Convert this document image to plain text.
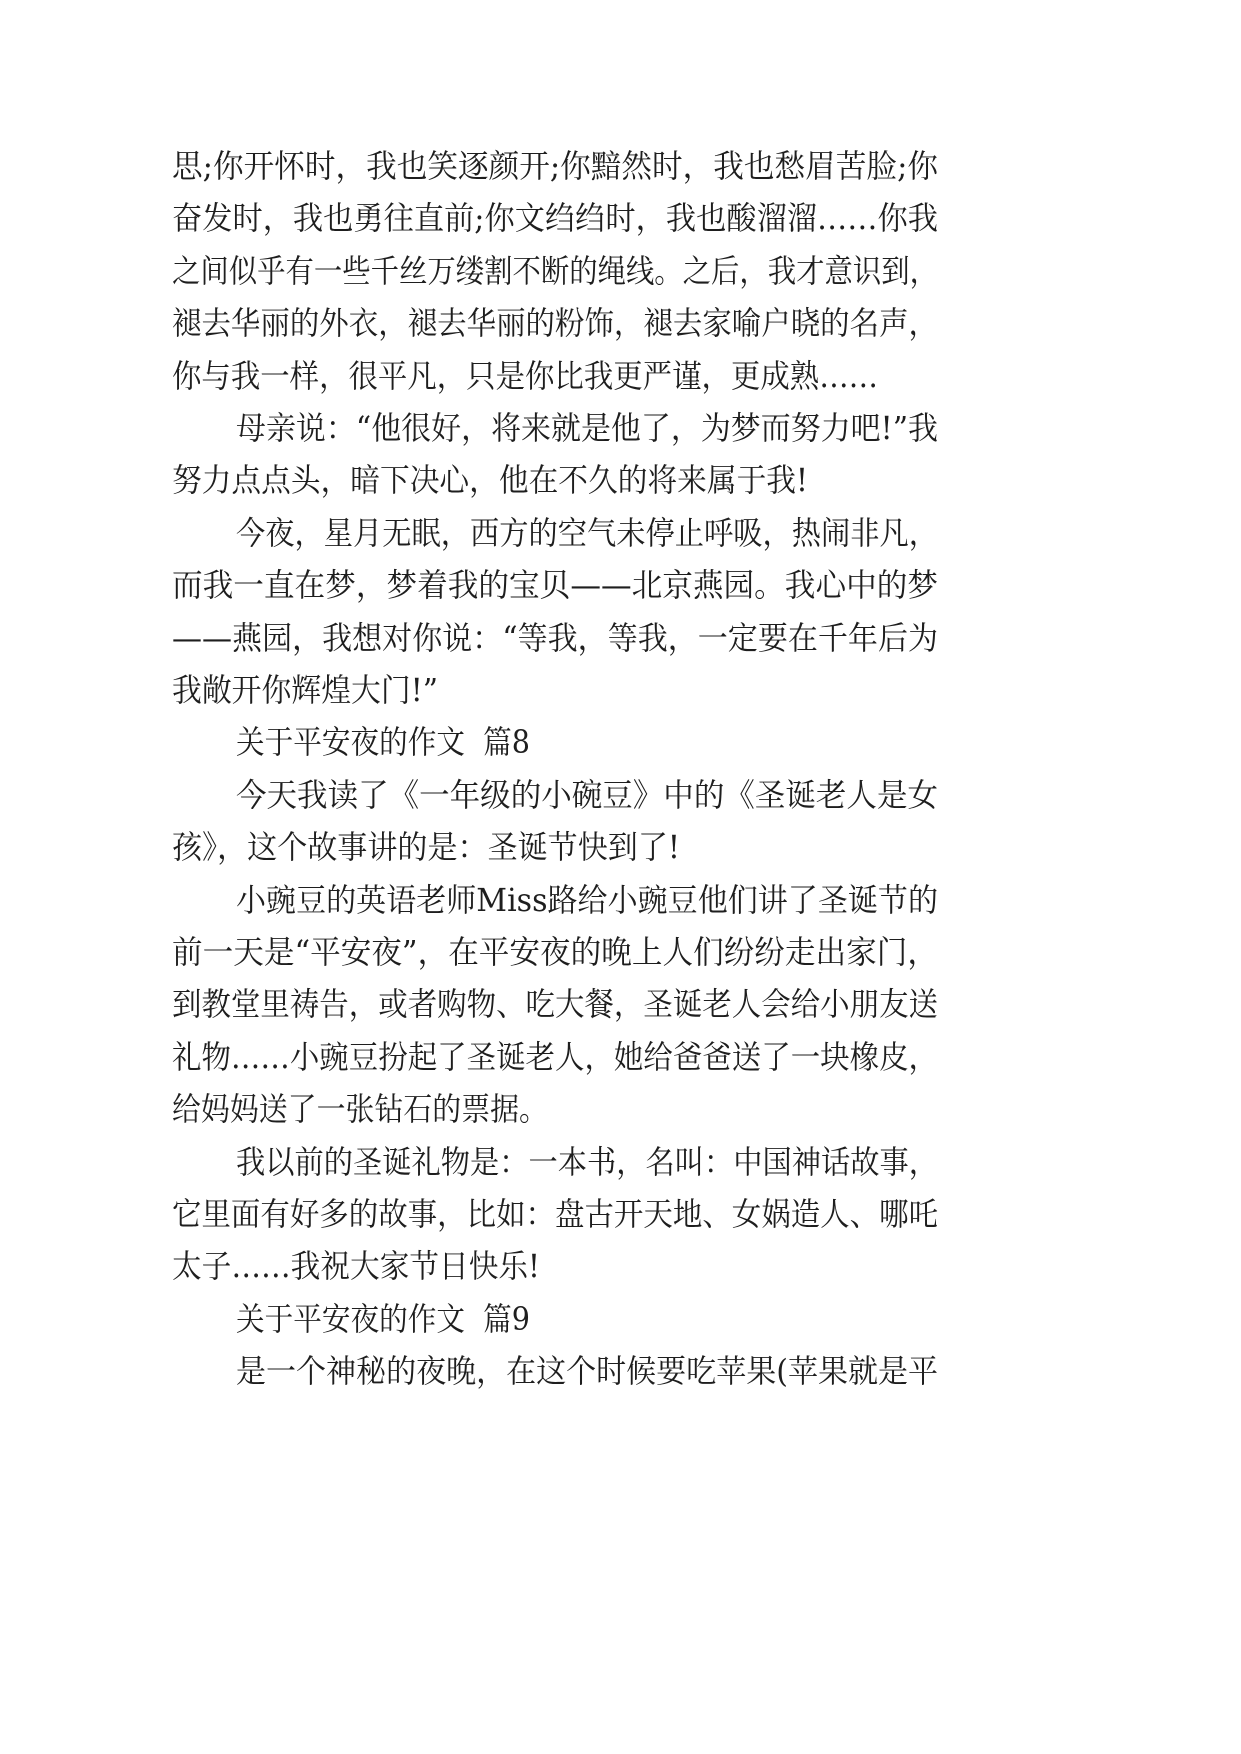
思;你开怀时，我也笑逐颜开;你黯然时，我也愁眉苦脸;你
奋发时，我也勇往直前;你文绉绉时，我也酸溜溜……你我
之间似乎有一些千丝万缕割不断的绳线。之后，我才意识到，
褪去华丽的外衣，褪去华丽的粉饰，褪去家喻户晓的名声，
你与我一样，很平凡，只是你比我更严谨，更成熟……
母亲说：“他很好，将来就是他了，为梦而努力吧!”我
努力点点头，暗下决心，他在不久的将来属于我!
今夜，星月无眠，西方的空气未停止呼吸，热闹非凡，
而我一直在梦，梦着我的宝贝——北京燕园。我心中的梦
——燕园，我想对你说：“等我，等我，一定要在千年后为
我敞开你辉煌大门!”
关于平安夜的作文  篇8
今天我读了《一年级的小碗豆》中的《圣诞老人是女
孩》，这个故事讲的是：圣诞节快到了!
小豌豆的英语老师Miss路给小豌豆他们讲了圣诞节的
前一天是“平安夜”，在平安夜的晚上人们纷纷走出家门，
到教堂里祷告，或者购物、吃大餐，圣诞老人会给小朋友送
礼物……小豌豆扮起了圣诞老人，她给爸爸送了一块橡皮，
给妈妈送了一张钻石的票据。
我以前的圣诞礼物是：一本书，名叫：中国神话故事，
它里面有好多的故事，比如：盘古开天地、女娲造人、哪吒
太子……我祝大家节日快乐!
关于平安夜的作文  篇9
是一个神秘的夜晚，在这个时候要吃苹果(苹果就是平
